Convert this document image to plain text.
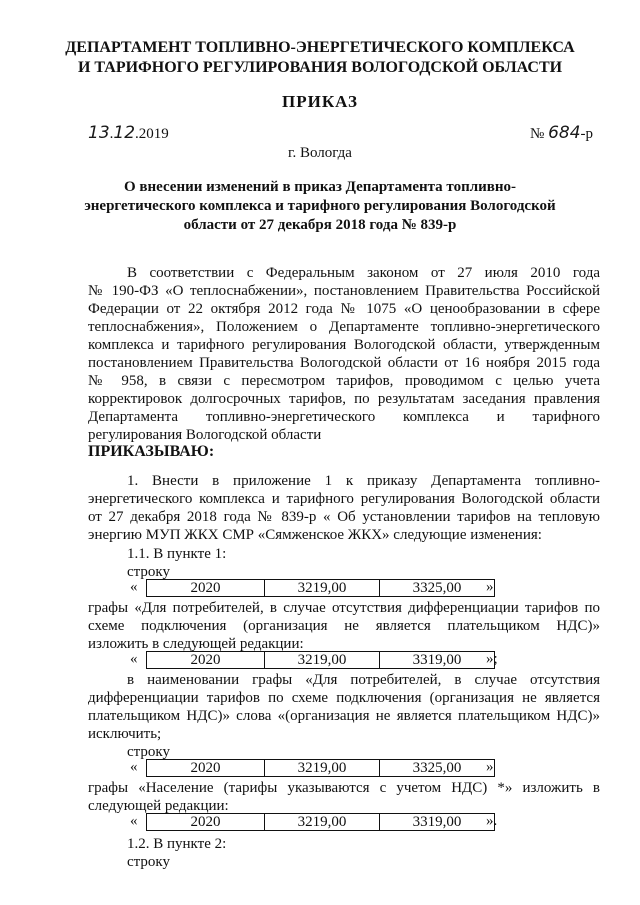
ДЕПАРТАМЕНТ ТОПЛИВНО-ЭНЕРГЕТИЧЕСКОГО КОМПЛЕКСА
И ТАРИФНОГО РЕГУЛИРОВАНИЯ ВОЛОГОДСКОЙ ОБЛАСТИ
ПРИКАЗ
13.12.2019	№ 684-р
г. Вологда
О внесении изменений в приказ Департамента топливно-
энергетического комплекса и тарифного регулирования Вологодской
области от 27 декабря 2018 года № 839-р
В соответствии с Федеральным законом от 27 июля 2010 года
№ 190-ФЗ «О теплоснабжении», постановлением Правительства Российской
Федерации от 22 октября 2012 года № 1075 «О ценообразовании в сфере
теплоснабжения», Положением о Департаменте топливно-энергетического
комплекса и тарифного регулирования Вологодской области, утвержденным
постановлением Правительства Вологодской области от 16 ноября 2015 года
№ 958, в связи с пересмотром тарифов, проводимом с целью учета
корректировок долгосрочных тарифов, по результатам заседания правления
Департамента топливно-энергетического комплекса и тарифного
регулирования Вологодской области
ПРИКАЗЫВАЮ:
1. Внести в приложение 1 к приказу Департамента топливно-
энергетического комплекса и тарифного регулирования Вологодской области
от 27 декабря 2018 года № 839-р « Об установлении тарифов на тепловую
энергию МУП ЖКХ СМР «Сямженское ЖКХ» следующие изменения:
1.1. В пункте 1:
строку
«	2020	3219,00	3325,00	»
графы «Для потребителей, в случае отсутствия дифференциации тарифов по
схеме подключения (организация не является плательщиком НДС)»
изложить в следующей редакции:
«	2020	3219,00	3319,00	»;
в наименовании графы «Для потребителей, в случае отсутствия
дифференциации тарифов по схеме подключения (организация не является
плательщиком НДС)» слова «(организация не является плательщиком НДС)»
исключить;
строку
«	2020	3219,00	3325,00	»
графы «Население (тарифы указываются с учетом НДС) *» изложить в
следующей редакции:
«	2020	3219,00	3319,00	».
1.2. В пункте 2:
строку
